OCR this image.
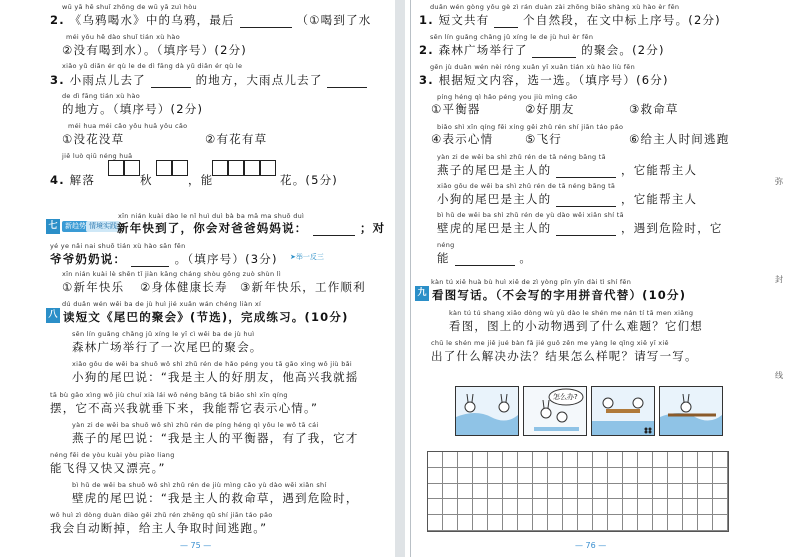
wū yā hē shuǐ zhōng de wū yā zuì hòu
2. 《乌鸦喝水》中的乌鸦，最后	（①喝到了水
méi yǒu hē dào shuǐ tián xù hào
②没有喝到水）。（填序号）(2分)
xiǎo yǔ diǎn ér qù le de dì fāng dà yǔ diǎn ér qù le
3. 小雨点儿去了	的地方，大雨点儿去了
de dì fāng tián xù hào
的地方。（填序号）(2分)
méi hua méi cǎo yǒu huā yǒu cǎo
①没花没草	②有花有草
jiě luò qiū néng huā
4. 解落	秋	，能	花。(5分)
xīn nián kuài dào le nǐ huì duì bà ba mā ma shuō duì
七	新趋势 情境实践 新年快到了，你会对爸爸妈妈说：	；对
yé ye nǎi nai shuō tián xù hào sān fēn
爷爷奶奶说：	。（填序号）(3分) ➤举一反三
xīn nián kuài lè shēn tǐ jiàn kāng cháng shòu gōng zuò shùn lì
①新年快乐 ②身体健康长寿 ③新年快乐，工作顺利
dú duǎn wén wěi ba de jù huì jié xuǎn wán chéng liàn xí
八 读短文《尾巴的聚会》(节选)，完成练习。(10分)
sēn lín guǎng chǎng jǔ xíng le yī cì wěi ba de jù huì
森林广场举行了一次尾巴的聚会。
xiǎo gǒu de wěi ba shuō wǒ shì zhǔ rén de hǎo péng you tā gāo xìng wǒ jiù bǎi
小狗的尾巴说：“我是主人的好朋友，他高兴我就摇
tā bù gāo xìng wǒ jiù chuí xià lái wǒ néng bāng tā biǎo shì xīn qíng
摆，它不高兴我就垂下来，我能帮它表示心情。”
yàn zi de wěi ba shuō wǒ shì zhǔ rén de píng héng qì yǒu le wǒ tā cái
燕子的尾巴说：“我是主人的平衡器，有了我，它才
néng fēi de yòu kuài yòu piào liang
能飞得又快又漂亮。”
bì hǔ de wěi ba shuō wǒ shì zhǔ rén de jiù mìng cǎo yù dào wēi xiǎn shí
壁虎的尾巴说：“我是主人的救命草，遇到危险时，
wǒ huì zì dòng duàn diào gěi zhǔ rén zhēng qǔ shí jiān táo pǎo
我会自动断掉，给主人争取时间逃跑。”
— 75 —
duǎn wén gòng yǒu gè zì rán duàn zài zhōng biāo shàng xù hào èr fēn
1. 短文共有	个自然段，在文中标上序号。(2分)
sēn lín guǎng chǎng jǔ xíng le de jù huì èr fēn
2. 森林广场举行了	的聚会。(2分)
gēn jù duǎn wén nèi róng xuǎn yī xuǎn tián xù hào liù fēn
3. 根据短文内容，选一选。（填序号）(6分)
píng héng qì hǎo péng you jiù mìng cǎo
①平衡器	②好朋友	③救命草
biǎo shì xīn qíng fēi xíng gěi zhǔ rén shí jiān táo pǎo
④表示心情	⑤飞行	⑥给主人时间逃跑
yàn zi de wěi ba shì zhǔ rén de tā néng bāng tā
燕子的尾巴是主人的	，它能帮主人
xiǎo gǒu de wěi ba shì zhǔ rén de tā néng bāng tā
小狗的尾巴是主人的	，它能帮主人
bì hǔ de wěi ba shì zhǔ rén de yù dào wēi xiǎn shí tā
壁虎的尾巴是主人的	，遇到危险时，它
néng
能	。
kàn tú xiě huà bù huì xiě de zì yòng pīn yīn dài tì shí fēn
九 看图写话。（不会写的字用拼音代替）(10分)
kàn tú tú shang xiǎo dòng wù yù dào le shén me nán tí tā men xiǎng
看图，图上的小动物遇到了什么难题？它们想
chū le shén me jiě jué bàn fǎ jié guǒ zěn me yàng le qǐng xiě yī xiě
出了什么解决办法？结果怎么样呢？请写一写。
怎么办?
弥
封
线
— 76 —
